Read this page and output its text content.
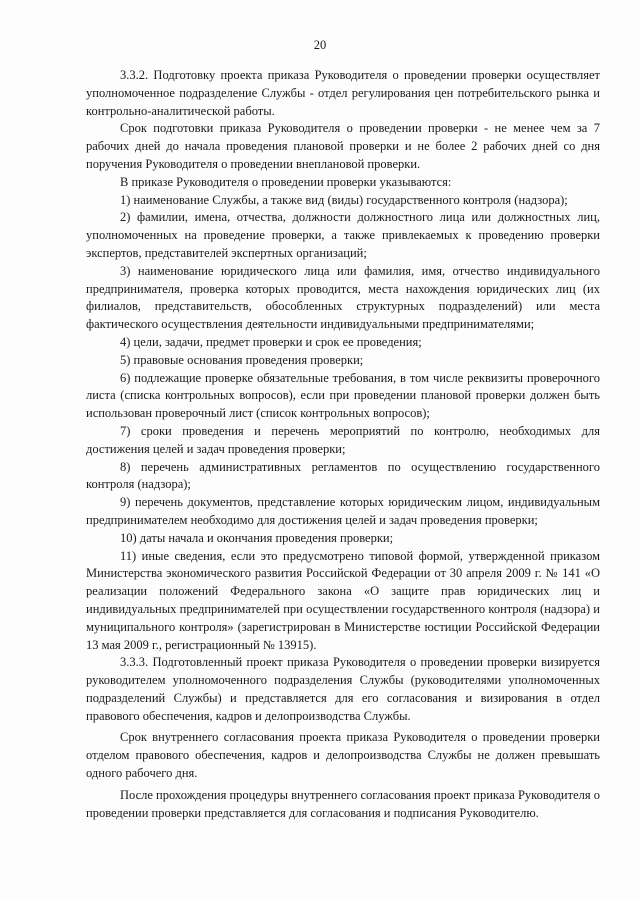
20

3.3.2. Подготовку проекта приказа Руководителя о проведении проверки осуществляет уполномоченное подразделение Службы - отдел регулирования цен потребительского рынка и контрольно-аналитической работы.

Срок подготовки приказа Руководителя о проведении проверки - не менее чем за 7 рабочих дней до начала проведения плановой проверки и не более 2 рабочих дней со дня поручения Руководителя о проведении внеплановой проверки.

В приказе Руководителя о проведении проверки указываются:

1) наименование Службы, а также вид (виды) государственного контроля (надзора);

2) фамилии, имена, отчества, должности должностного лица или должностных лиц, уполномоченных на проведение проверки, а также привлекаемых к проведению проверки экспертов, представителей экспертных организаций;

3) наименование юридического лица или фамилия, имя, отчество индивидуального предпринимателя, проверка которых проводится, места нахождения юридических лиц (их филиалов, представительств, обособленных структурных подразделений) или места фактического осуществления деятельности индивидуальными предпринимателями;

4) цели, задачи, предмет проверки и срок ее проведения;

5) правовые основания проведения проверки;

6) подлежащие проверке обязательные требования, в том числе реквизиты проверочного листа (списка контрольных вопросов), если при проведении плановой проверки должен быть использован проверочный лист (список контрольных вопросов);

7) сроки проведения и перечень мероприятий по контролю, необходимых для достижения целей и задач проведения проверки;

8) перечень административных регламентов по осуществлению государственного контроля (надзора);

9) перечень документов, представление которых юридическим лицом, индивидуальным предпринимателем необходимо для достижения целей и задач проведения проверки;

10) даты начала и окончания проведения проверки;

11) иные сведения, если это предусмотрено типовой формой, утвержденной приказом Министерства экономического развития Российской Федерации от 30 апреля 2009 г. № 141 «О реализации положений Федерального закона «О защите прав юридических лиц и индивидуальных предпринимателей при осуществлении государственного контроля (надзора) и муниципального контроля» (зарегистрирован в Министерстве юстиции Российской Федерации 13 мая 2009 г., регистрационный № 13915).

3.3.3. Подготовленный проект приказа Руководителя о проведении проверки визируется руководителем уполномоченного подразделения Службы (руководителями уполномоченных подразделений Службы) и представляется для его согласования и визирования в отдел правового обеспечения, кадров и делопроизводства Службы.

Срок внутреннего согласования проекта приказа Руководителя о проведении проверки отделом правового обеспечения, кадров и делопроизводства Службы не должен превышать одного рабочего дня.

После прохождения процедуры внутреннего согласования проект приказа Руководителя о проведении проверки представляется для согласования и подписания Руководителю.
